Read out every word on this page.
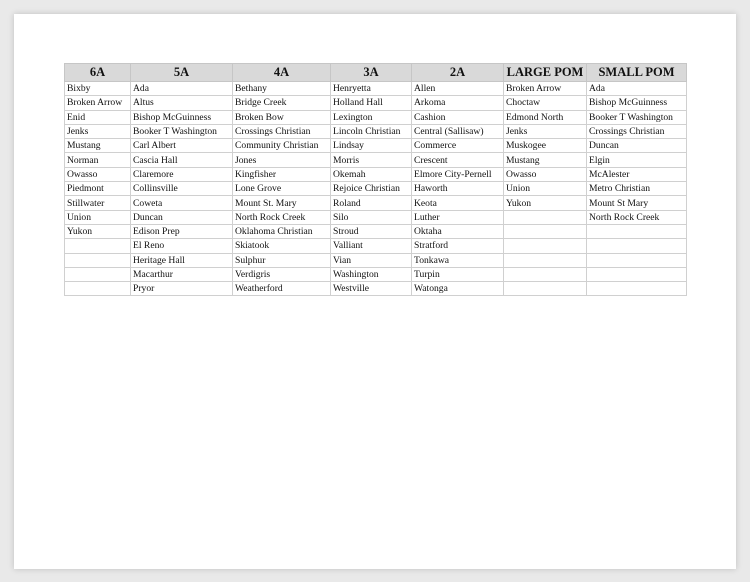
6A	5A	4A	3A	2A	LARGE POM	SMALL POM
Bixby	Ada	Bethany	Henryetta	Allen	Broken Arrow	Ada
Broken Arrow	Altus	Bridge Creek	Holland Hall	Arkoma	Choctaw	Bishop McGuinness
Enid	Bishop McGuinness	Broken Bow	Lexington	Cashion	Edmond North	Booker T Washington
Jenks	Booker T Washington	Crossings Christian	Lincoln Christian	Central (Sallisaw)	Jenks	Crossings Christian
Mustang	Carl Albert	Community Christian	Lindsay	Commerce	Muskogee	Duncan
Norman	Cascia Hall	Jones	Morris	Crescent	Mustang	Elgin
Owasso	Claremore	Kingfisher	Okemah	Elmore City-Pernell	Owasso	McAlester
Piedmont	Collinsville	Lone Grove	Rejoice Christian	Haworth	Union	Metro Christian
Stillwater	Coweta	Mount St. Mary	Roland	Keota	Yukon	Mount St Mary
Union	Duncan	North Rock Creek	Silo	Luther		North Rock Creek
Yukon	Edison Prep	Oklahoma Christian	Stroud	Oktaha		
	El Reno	Skiatook	Valliant	Stratford		
	Heritage Hall	Sulphur	Vian	Tonkawa		
	Macarthur	Verdigris	Washington	Turpin		
	Pryor	Weatherford	Westville	Watonga		
